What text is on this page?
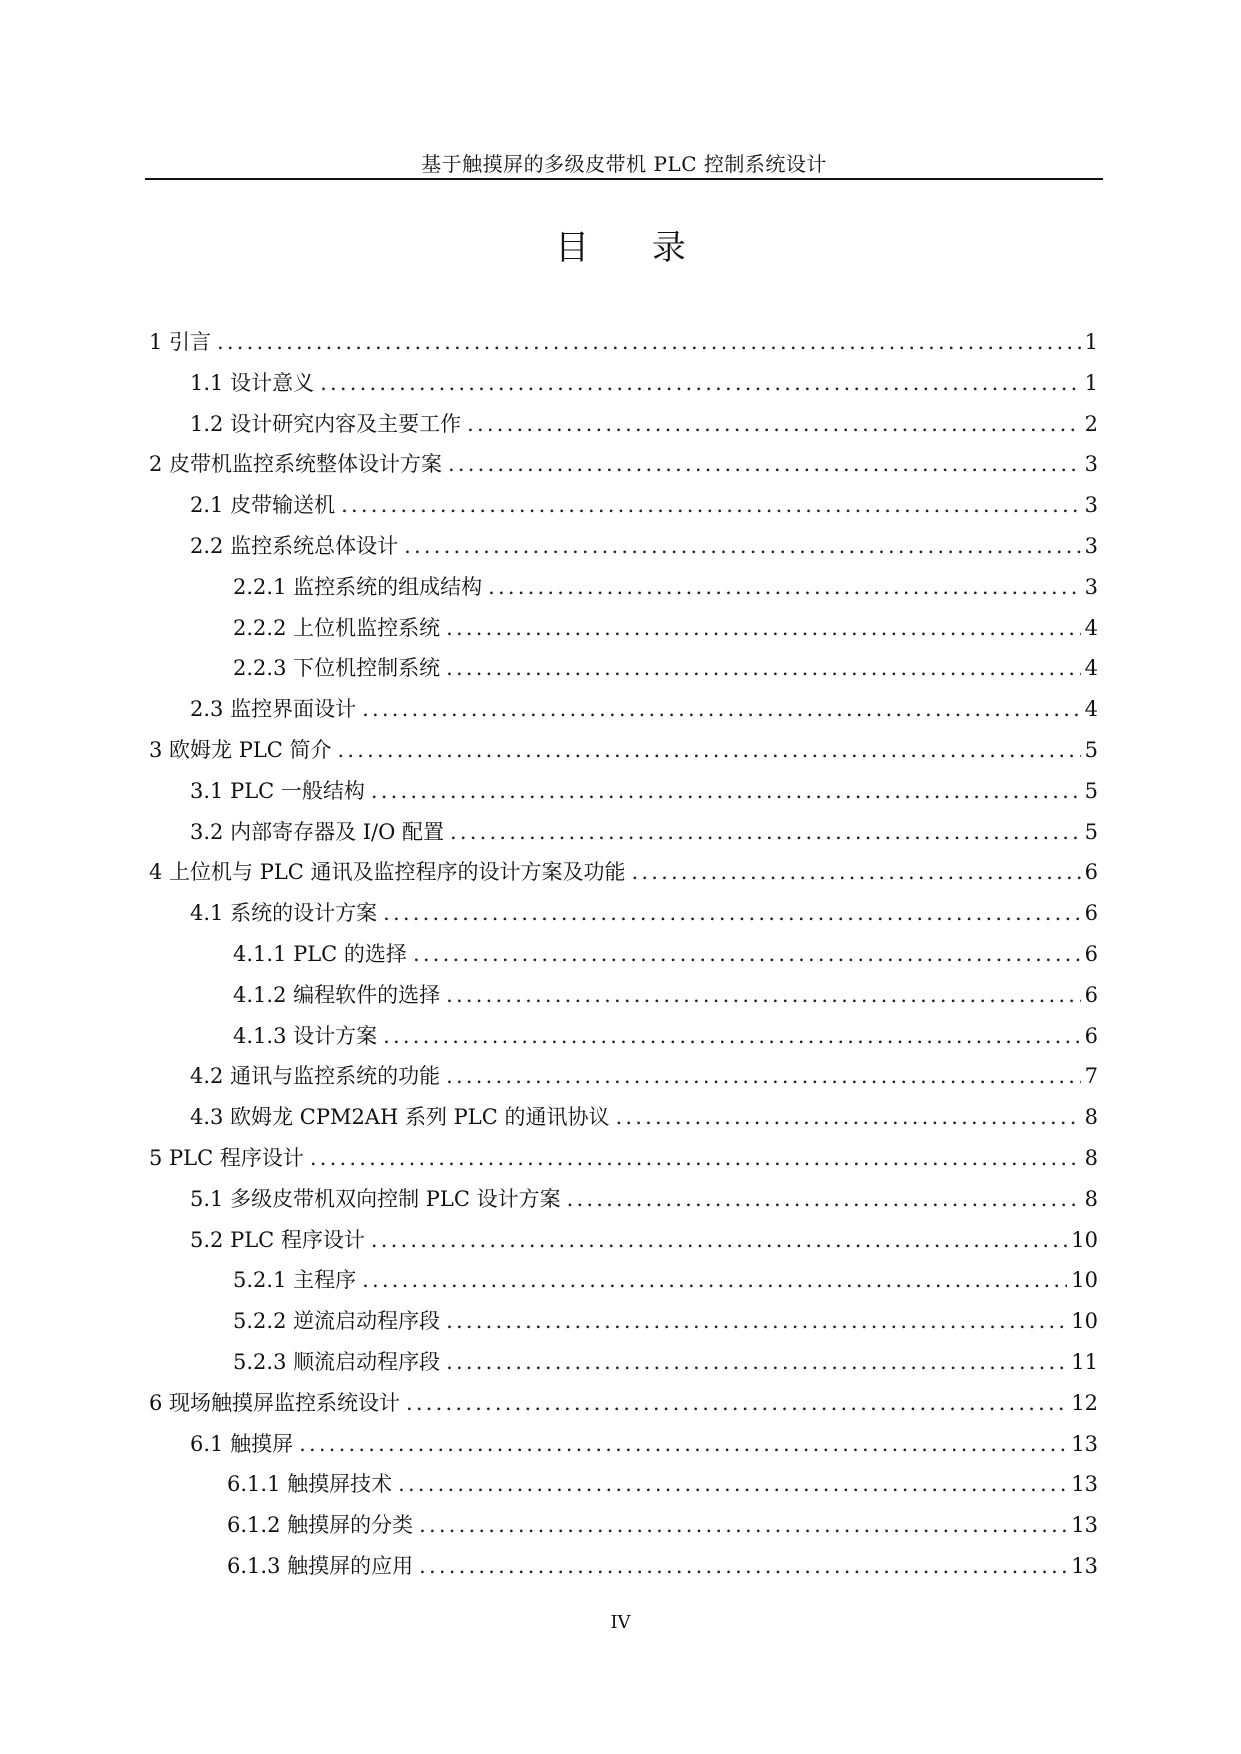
基于触摸屏的多级皮带机 PLC 控制系统设计
目 录
1 引言 .....	1
1.1 设计意义 .....	1
1.2 设计研究内容及主要工作 .....	2
2 皮带机监控系统整体设计方案 .....	3
2.1 皮带输送机 .....	3
2.2 监控系统总体设计 .....	3
2.2.1 监控系统的组成结构 .....	3
2.2.2 上位机监控系统 .....	4
2.2.3 下位机控制系统 .....	4
2.3 监控界面设计 .....	4
3 欧姆龙 PLC 简介 .....	5
3.1 PLC 一般结构 .....	5
3.2 内部寄存器及 I/O 配置 .....	5
4 上位机与 PLC 通讯及监控程序的设计方案及功能 .....	6
4.1 系统的设计方案 .....	6
4.1.1 PLC 的选择 .....	6
4.1.2 编程软件的选择 .....	6
4.1.3 设计方案 .....	6
4.2 通讯与监控系统的功能 .....	7
4.3 欧姆龙 CPM2AH 系列 PLC 的通讯协议 .....	8
5 PLC 程序设计 .....	8
5.1 多级皮带机双向控制 PLC 设计方案 .....	8
5.2 PLC 程序设计 .....	10
5.2.1 主程序 .....	10
5.2.2 逆流启动程序段 .....	10
5.2.3 顺流启动程序段 .....	11
6 现场触摸屏监控系统设计 .....	12
6.1 触摸屏 .....	13
6.1.1 触摸屏技术 .....	13
6.1.2 触摸屏的分类 .....	13
6.1.3 触摸屏的应用 .....	13
IV
